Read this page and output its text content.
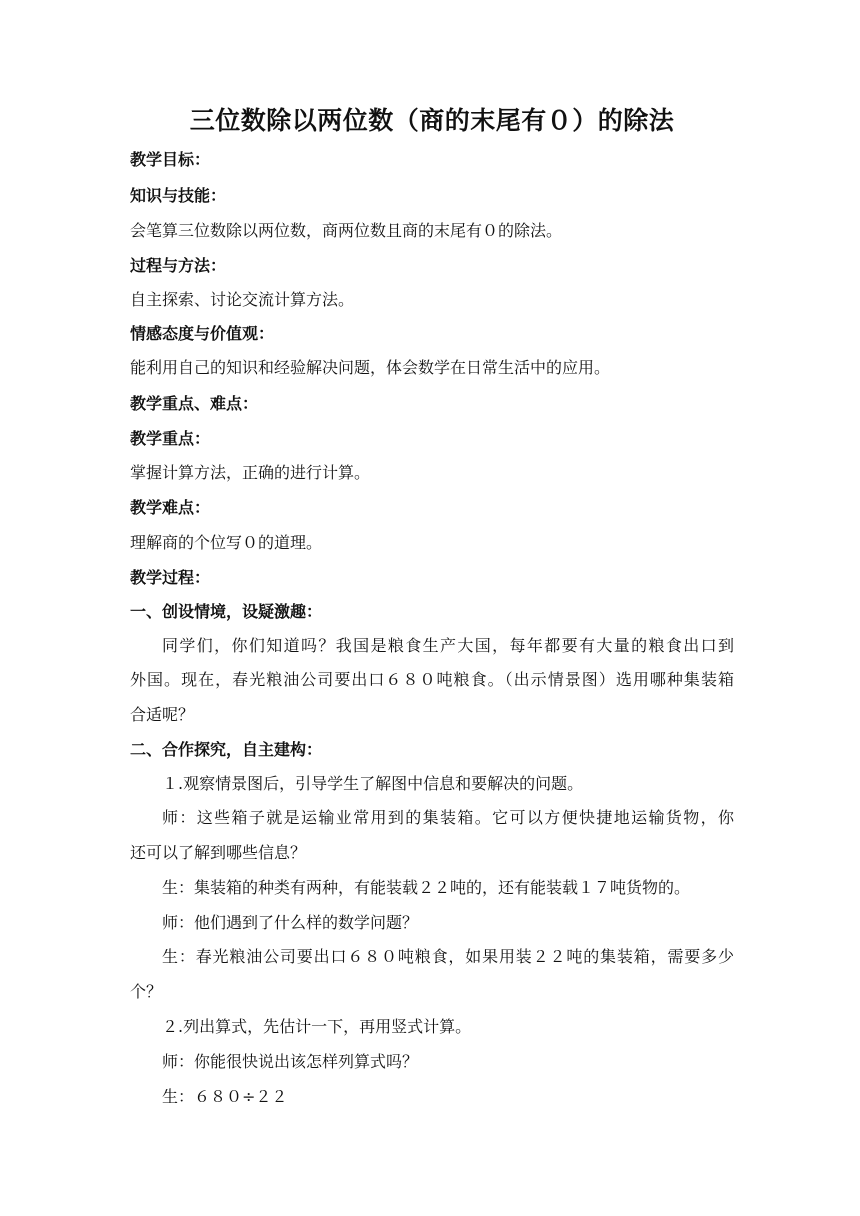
三位数除以两位数（商的末尾有０）的除法
教学目标：
知识与技能：
会笔算三位数除以两位数，商两位数且商的末尾有０的除法。
过程与方法：
自主探索、讨论交流计算方法。
情感态度与价值观：
能利用自己的知识和经验解决问题，体会数学在日常生活中的应用。
教学重点、难点：
教学重点：
掌握计算方法，正确的进行计算。
教学难点：
理解商的个位写０的道理。
教学过程：
一、创设情境，设疑激趣：
同学们，你们知道吗？我国是粮食生产大国，每年都要有大量的粮食出口到
外国。现在，春光粮油公司要出口６８０吨粮食。（出示情景图）选用哪种集装箱
合适呢？
二、合作探究，自主建构：
１.观察情景图后，引导学生了解图中信息和要解决的问题。
师：这些箱子就是运输业常用到的集装箱。它可以方便快捷地运输货物，你
还可以了解到哪些信息？
生：集装箱的种类有两种，有能装载２２吨的，还有能装载１７吨货物的。
师：他们遇到了什么样的数学问题？
生：春光粮油公司要出口６８０吨粮食，如果用装２２吨的集装箱，需要多少
个？
２.列出算式，先估计一下，再用竖式计算。
师：你能很快说出该怎样列算式吗？
生：６８０÷２２
